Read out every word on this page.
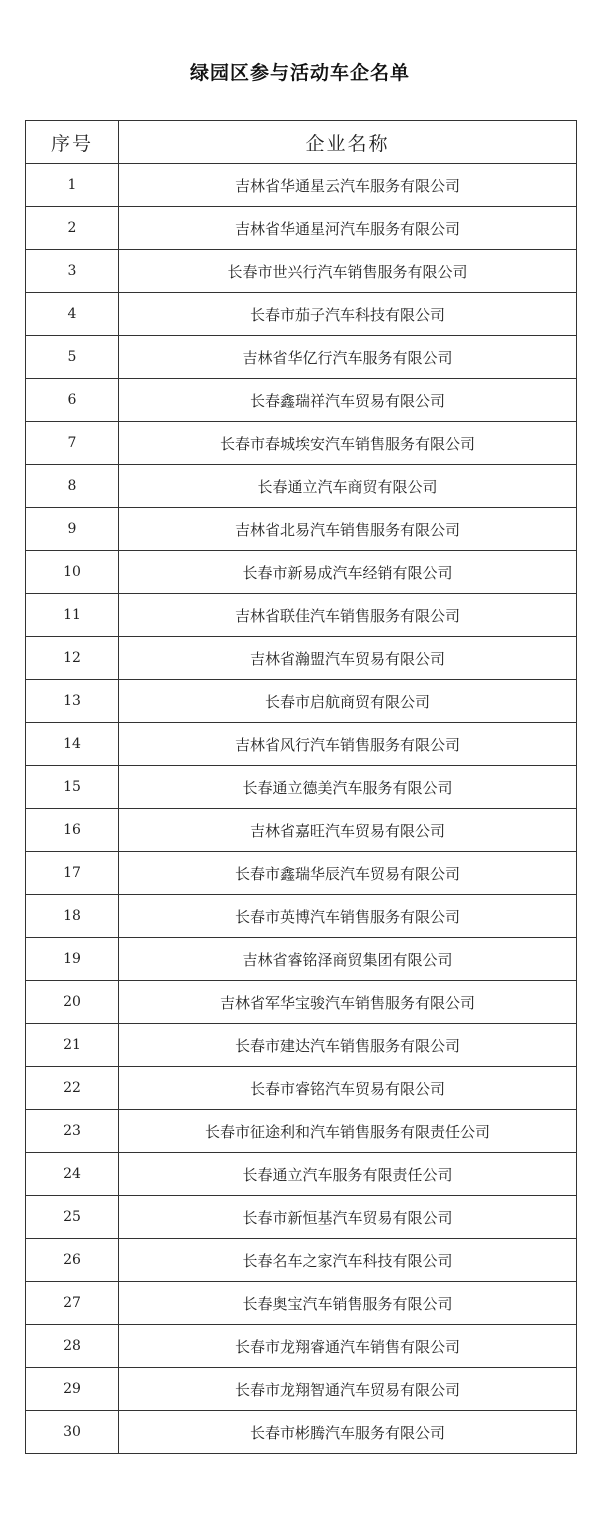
绿园区参与活动车企名单
序号	企业名称
1	吉林省华通星云汽车服务有限公司
2	吉林省华通星河汽车服务有限公司
3	长春市世兴行汽车销售服务有限公司
4	长春市茄子汽车科技有限公司
5	吉林省华亿行汽车服务有限公司
6	长春鑫瑞祥汽车贸易有限公司
7	长春市春城埃安汽车销售服务有限公司
8	长春通立汽车商贸有限公司
9	吉林省北易汽车销售服务有限公司
10	长春市新易成汽车经销有限公司
11	吉林省联佳汽车销售服务有限公司
12	吉林省瀚盟汽车贸易有限公司
13	长春市启航商贸有限公司
14	吉林省风行汽车销售服务有限公司
15	长春通立德美汽车服务有限公司
16	吉林省嘉旺汽车贸易有限公司
17	长春市鑫瑞华辰汽车贸易有限公司
18	长春市英博汽车销售服务有限公司
19	吉林省睿铭泽商贸集团有限公司
20	吉林省军华宝骏汽车销售服务有限公司
21	长春市建达汽车销售服务有限公司
22	长春市睿铭汽车贸易有限公司
23	长春市征途利和汽车销售服务有限责任公司
24	长春通立汽车服务有限责任公司
25	长春市新恒基汽车贸易有限公司
26	长春名车之家汽车科技有限公司
27	长春奥宝汽车销售服务有限公司
28	长春市龙翔睿通汽车销售有限公司
29	长春市龙翔智通汽车贸易有限公司
30	长春市彬腾汽车服务有限公司
